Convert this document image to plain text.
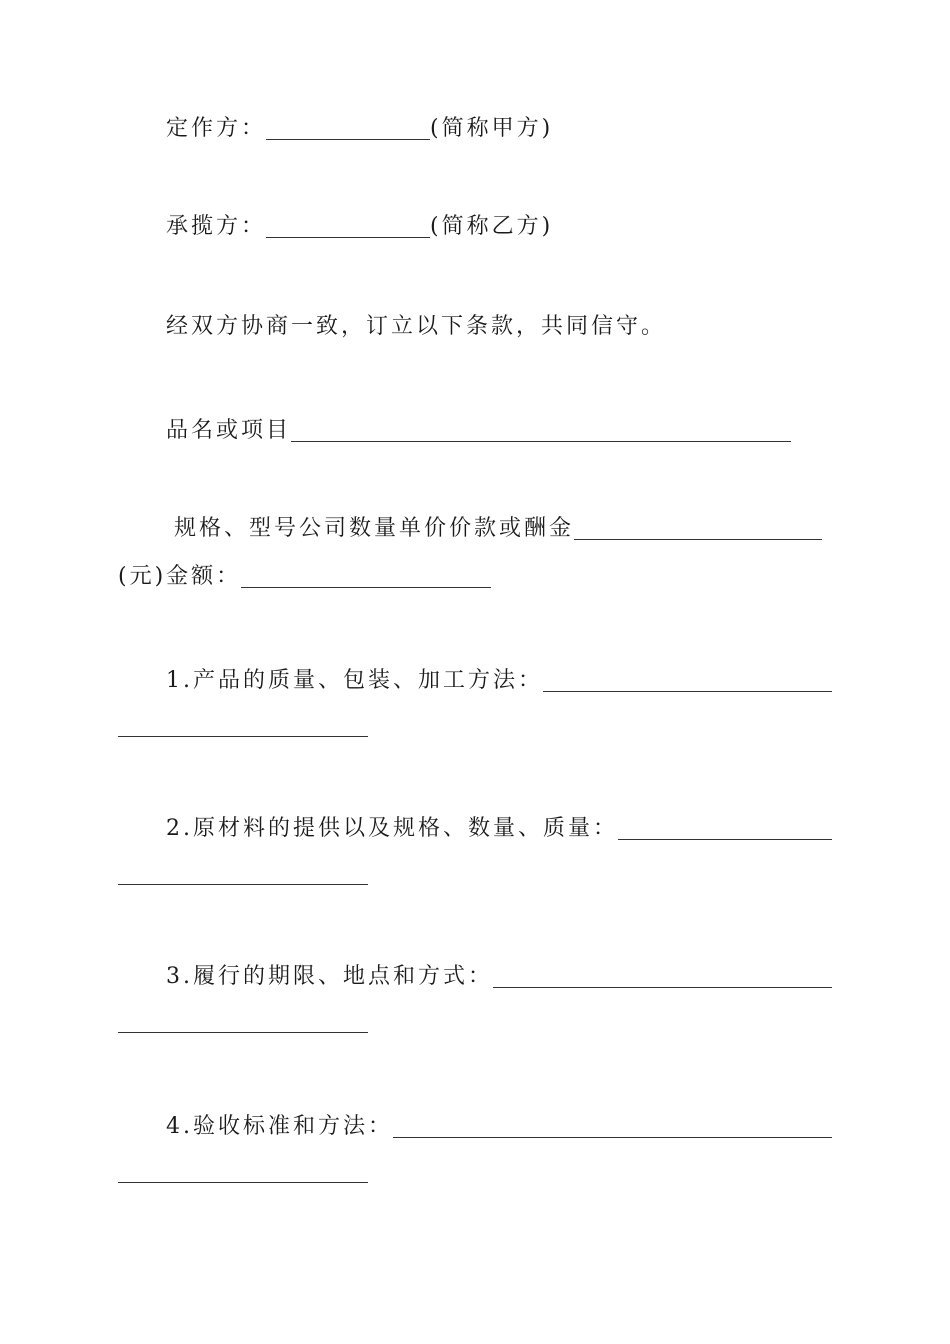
定作方：	(简称甲方)
承揽方：	(简称乙方)
经双方协商一致，订立以下条款，共同信守。
品名或项目
规格、型号公司数量单价价款或酬金
(元)金额：
1.产品的质量、包装、加工方法：
2.原材料的提供以及规格、数量、质量：
3.履行的期限、地点和方式：
4.验收标准和方法：
